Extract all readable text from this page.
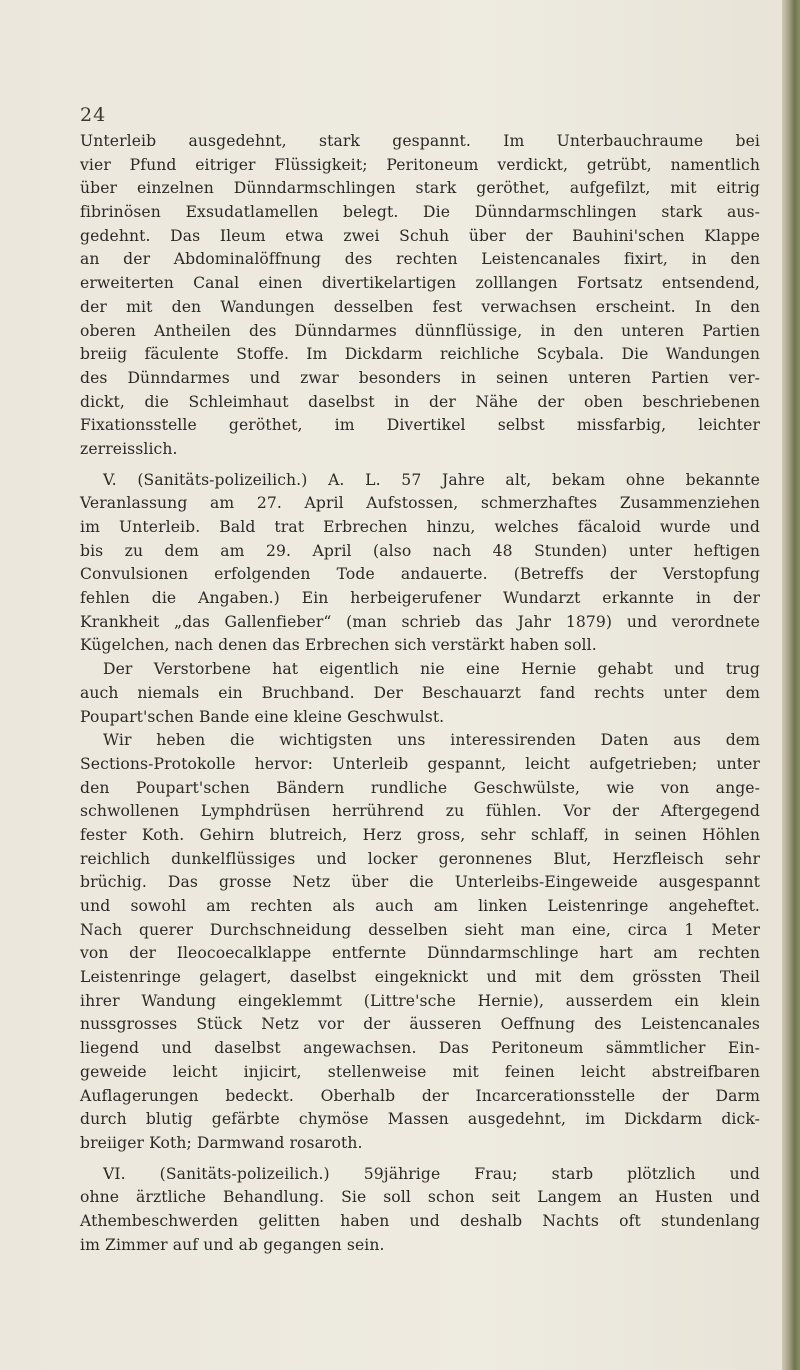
24
Unterleib ausgedehnt, stark gespannt. Im Unterbauchraume bei
vier Pfund eitriger Flüssigkeit; Peritoneum verdickt, getrübt, namentlich
über einzelnen Dünndarmschlingen stark geröthet, aufgefilzt, mit eitrig
fibrinösen Exsudatlamellen belegt. Die Dünndarmschlingen stark aus-
gedehnt. Das Ileum etwa zwei Schuh über der Bauhini'schen Klappe
an der Abdominalöffnung des rechten Leistencanales fixirt, in den
erweiterten Canal einen divertikelartigen zolllangen Fortsatz entsendend,
der mit den Wandungen desselben fest verwachsen erscheint. In den
oberen Antheilen des Dünndarmes dünnflüssige, in den unteren Partien
breiig fäculente Stoffe. Im Dickdarm reichliche Scybala. Die Wandungen
des Dünndarmes und zwar besonders in seinen unteren Partien ver-
dickt, die Schleimhaut daselbst in der Nähe der oben beschriebenen
Fixationsstelle geröthet, im Divertikel selbst missfarbig, leichter
zerreisslich.
V. (Sanitäts-polizeilich.) A. L. 57 Jahre alt, bekam ohne bekannte
Veranlassung am 27. April Aufstossen, schmerzhaftes Zusammenziehen
im Unterleib. Bald trat Erbrechen hinzu, welches fäcaloid wurde und
bis zu dem am 29. April (also nach 48 Stunden) unter heftigen
Convulsionen erfolgenden Tode andauerte. (Betreffs der Verstopfung
fehlen die Angaben.) Ein herbeigerufener Wundarzt erkannte in der
Krankheit „das Gallenfieber“ (man schrieb das Jahr 1879) und verordnete
Kügelchen, nach denen das Erbrechen sich verstärkt haben soll.
Der Verstorbene hat eigentlich nie eine Hernie gehabt und trug
auch niemals ein Bruchband. Der Beschauarzt fand rechts unter dem
Poupart'schen Bande eine kleine Geschwulst.
Wir heben die wichtigsten uns interessirenden Daten aus dem
Sections-Protokolle hervor: Unterleib gespannt, leicht aufgetrieben; unter
den Poupart'schen Bändern rundliche Geschwülste, wie von ange-
schwollenen Lymphdrüsen herrührend zu fühlen. Vor der Aftergegend
fester Koth. Gehirn blutreich, Herz gross, sehr schlaff, in seinen Höhlen
reichlich dunkelflüssiges und locker geronnenes Blut, Herzfleisch sehr
brüchig. Das grosse Netz über die Unterleibs-Eingeweide ausgespannt
und sowohl am rechten als auch am linken Leistenringe angeheftet.
Nach querer Durchschneidung desselben sieht man eine, circa 1 Meter
von der Ileocoecalklappe entfernte Dünndarmschlinge hart am rechten
Leistenringe gelagert, daselbst eingeknickt und mit dem grössten Theil
ihrer Wandung eingeklemmt (Littre'sche Hernie), ausserdem ein klein
nussgrosses Stück Netz vor der äusseren Oeffnung des Leistencanales
liegend und daselbst angewachsen. Das Peritoneum sämmtlicher Ein-
geweide leicht injicirt, stellenweise mit feinen leicht abstreifbaren
Auflagerungen bedeckt. Oberhalb der Incarcerationsstelle der Darm
durch blutig gefärbte chymöse Massen ausgedehnt, im Dickdarm dick-
breiiger Koth; Darmwand rosaroth.
VI. (Sanitäts-polizeilich.) 59jährige Frau; starb plötzlich und
ohne ärztliche Behandlung. Sie soll schon seit Langem an Husten und
Athembeschwerden gelitten haben und deshalb Nachts oft stundenlang
im Zimmer auf und ab gegangen sein.
